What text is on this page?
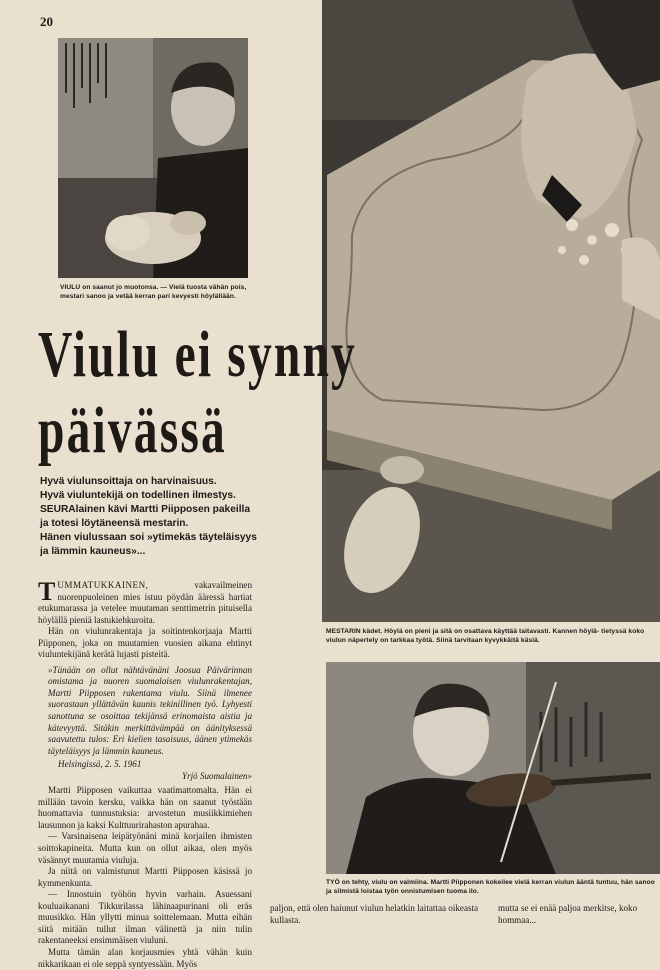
20
VIULU on saanut jo muotonsa. — Vielä tuosta vähän pois, mestari sanoo ja vetää kerran pari kevyesti höylällään.
MESTARIN kädet. Höylä on pieni ja sitä on osattava käyttää taitavasti. Kannen höylä- tietyssä koko viulun näpertely on tarkkaa työtä. Siinä tarvitaan kyvykkäitä käsiä.
TYÖ on tehty, viulu on valmiina. Martti Piipponen kokeilee vielä kerran viulun ääntä tuntuu, hän sanoo ja silmistä loistaa työn onnistumisen tuoma ilo.
Viulu ei synny
päivässä
Hyvä viulunsoittaja on harvinaisuus.
Hyvä viuluntekijä on todellinen ilmestys.
SEURAlainen kävi Martti Piipposen pakeilla
ja totesi löytäneensä mestarin.
Hänen viulussaan soi »ytimekäs täyteläisyys
ja lämmin kauneus»...

TUMMATUKKAINEN, vakavailmeinen nuorenpuoleinen mies istuu pöydän ääressä hartiat etukumarassa ja vetelee muutaman senttimetrin pituisella höylällä pieniä lastukiehkuroita.

Hän on viulunrakentaja ja soitintenkorjaaja Martti Piipponen, joka on muutamien vuosien aikana ehtinyt viuluntekijänä kerätä lujasti pisteitä.

»Tänään on ollut nähtävänäni Joosua Päivärinnan omistama ja nuoren suomalaisen viulunrakentajan, Martti Piipposen rakentama viulu. Siinä ilmenee suorastaan yllättävän kaunis tekinillinen työ. Lyhyesti sanottuna se osoittaa tekijänsä erinomaista aistia ja kätevyyttä. Sitäkin merkittävämpää on äänityksessä saavutettu tulos: Eri kielien tasaisuus, äänen ytimekäs täyteläisyys ja lämmin kauneus.

Helsingissä, 2. 5. 1961

Yrjö Suomalainen»

Martti Piipposen vaikuttaa vaatimattomalta. Hän ei millään tavoin kersku, vaikka hän on saanut työstään huomattavia tunnustuksia: arvostetun musiikkimiehen lausunnon ja kaksi Kulttuurirahaston apurahaa.

— Varsinaisena leipätyönäni minä korjailen ihmisten soittokapineita. Mutta kun on ollut aikaa, olen myös väsännyt muutamia viuluja.

Ja niitä on valmistunut Martti Piipposen käsissä jo kymmenkunta.

— Innostuin työhön hyvin varhain. Asuessani kouluaikanani Tikkurilassa lähinaapurinani oli eräs muusikko. Hän yllytti minua soittelemaan. Mutta eihän siitä mitään tullut ilman välinettä ja niin tulin rakentaneeksi ensimmäisen viuluni.

Mutta tämän alan korjausmies yhtä vähän kuin nikkarikaan ei ole seppä syntyessään. Myös

paljon, että olen haiunut viulun helatkin laitattaa oikeasta kullasta.
mutta se ei enää paljoa merkitse, koko hommaa...
